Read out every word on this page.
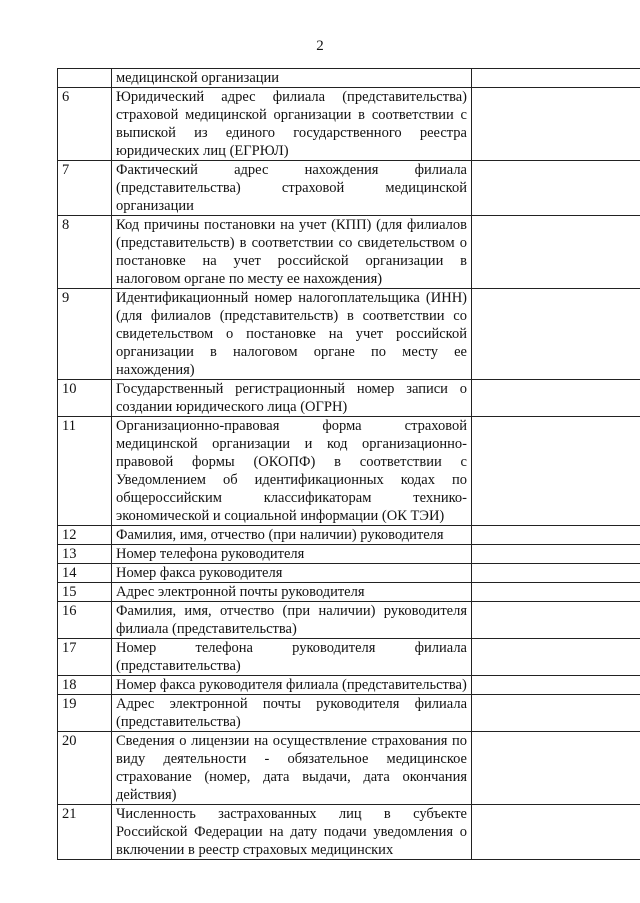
2
	медицинской организации	
6	Юридический адрес филиала (представительства) страховой медицинской организации в соответствии с выпиской из единого государственного реестра юридических лиц (ЕГРЮЛ)	
7	Фактический адрес нахождения филиала (представительства) страховой медицинской организации	
8	Код причины постановки на учет (КПП) (для филиалов (представительств) в соответствии со свидетельством о постановке на учет российской организации в налоговом органе по месту ее нахождения)	
9	Идентификационный номер налогоплательщика (ИНН) (для филиалов (представительств) в соответствии со свидетельством о постановке на учет российской организации в налоговом органе по месту ее нахождения)	
10	Государственный регистрационный номер записи о создании юридического лица (ОГРН)	
11	Организационно-правовая форма страховой медицинской организации и код организационно-правовой формы (ОКОПФ) в соответствии с Уведомлением об идентификационных кодах по общероссийским классификаторам технико-экономической и социальной информации (ОК ТЭИ)	
12	Фамилия, имя, отчество (при наличии) руководителя	
13	Номер телефона руководителя	
14	Номер факса руководителя	
15	Адрес электронной почты руководителя	
16	Фамилия, имя, отчество (при наличии) руководителя филиала (представительства)	
17	Номер телефона руководителя филиала (представительства)	
18	Номер факса руководителя филиала (представительства)	
19	Адрес электронной почты руководителя филиала (представительства)	
20	Сведения о лицензии на осуществление страхования по виду деятельности - обязательное медицинское страхование (номер, дата выдачи, дата окончания действия)	
21	Численность застрахованных лиц в субъекте Российской Федерации на дату подачи уведомления о включении в реестр страховых медицинских	
